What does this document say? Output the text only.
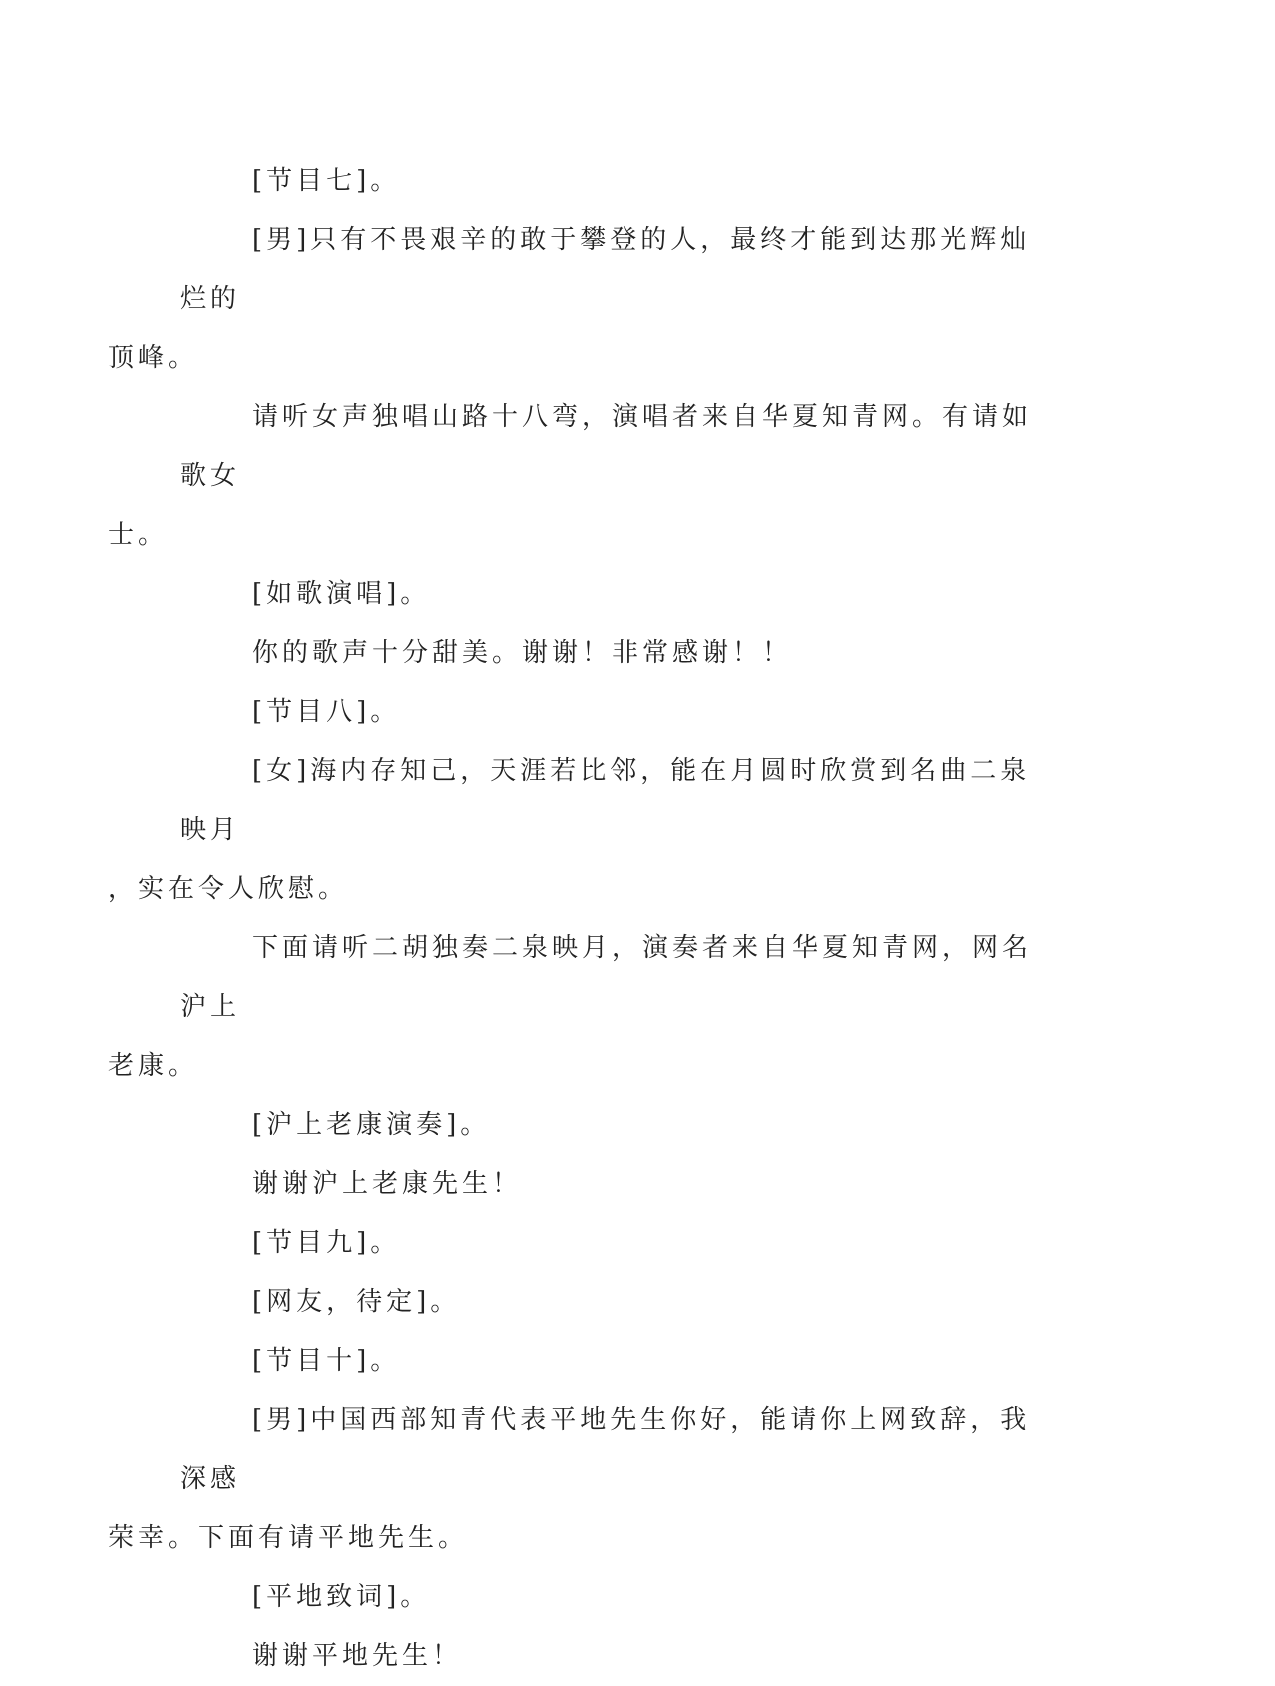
[节目七]。

[男]只有不畏艰辛的敢于攀登的人，最终才能到达那光辉灿烂的
顶峰。

请听女声独唱山路十八弯，演唱者来自华夏知青网。有请如歌女
士。

[如歌演唱]。

你的歌声十分甜美。谢谢！非常感谢！！

[节目八]。

[女]海内存知己，天涯若比邻，能在月圆时欣赏到名曲二泉映月
，实在令人欣慰。

下面请听二胡独奏二泉映月，演奏者来自华夏知青网，网名沪上
老康。

[沪上老康演奏]。

谢谢沪上老康先生！

[节目九]。

[网友，待定]。

[节目十]。

[男]中国西部知青代表平地先生你好，能请你上网致辞，我深感
荣幸。下面有请平地先生。

[平地致词]。

谢谢平地先生！
